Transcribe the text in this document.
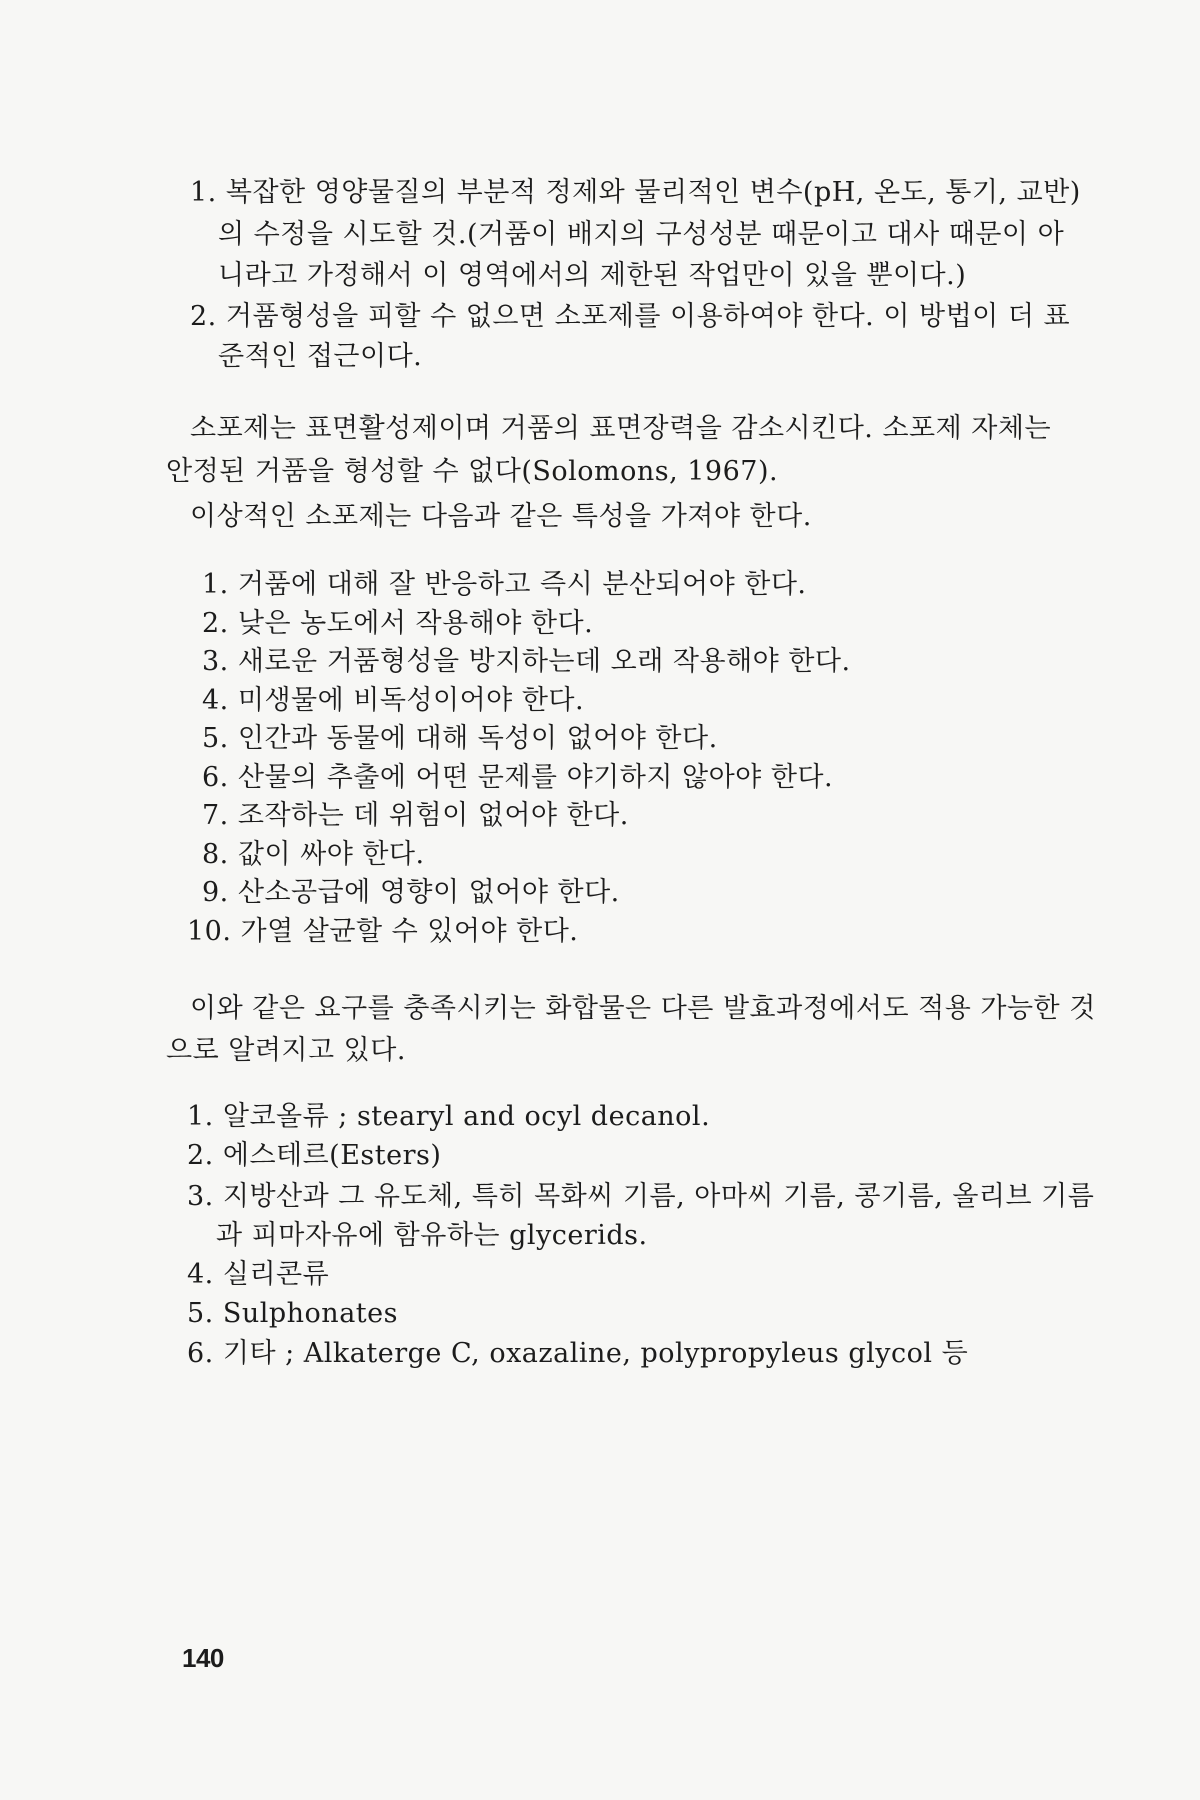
1. 복잡한 영양물질의 부분적 정제와 물리적인 변수(pH, 온도, 통기, 교반)
의 수정을 시도할 것.(거품이 배지의 구성성분 때문이고 대사 때문이 아
니라고 가정해서 이 영역에서의 제한된 작업만이 있을 뿐이다.)
2. 거품형성을 피할 수 없으면 소포제를 이용하여야 한다. 이 방법이 더 표
준적인 접근이다.
소포제는 표면활성제이며 거품의 표면장력을 감소시킨다. 소포제 자체는
안정된 거품을 형성할 수 없다(Solomons, 1967).
이상적인 소포제는 다음과 같은 특성을 가져야 한다.
1. 거품에 대해 잘 반응하고 즉시 분산되어야 한다.
2. 낮은 농도에서 작용해야 한다.
3. 새로운 거품형성을 방지하는데 오래 작용해야 한다.
4. 미생물에 비독성이어야 한다.
5. 인간과 동물에 대해 독성이 없어야 한다.
6. 산물의 추출에 어떤 문제를 야기하지 않아야 한다.
7. 조작하는 데 위험이 없어야 한다.
8. 값이 싸야 한다.
9. 산소공급에 영향이 없어야 한다.
10. 가열 살균할 수 있어야 한다.
이와 같은 요구를 충족시키는 화합물은 다른 발효과정에서도 적용 가능한 것
으로 알려지고 있다.
1. 알코올류 ; stearyl and ocyl decanol.
2. 에스테르(Esters)
3. 지방산과 그 유도체, 특히 목화씨 기름, 아마씨 기름, 콩기름, 올리브 기름
과 피마자유에 함유하는 glycerids.
4. 실리콘류
5. Sulphonates
6. 기타 ; Alkaterge C, oxazaline, polypropyleus glycol 등
140
